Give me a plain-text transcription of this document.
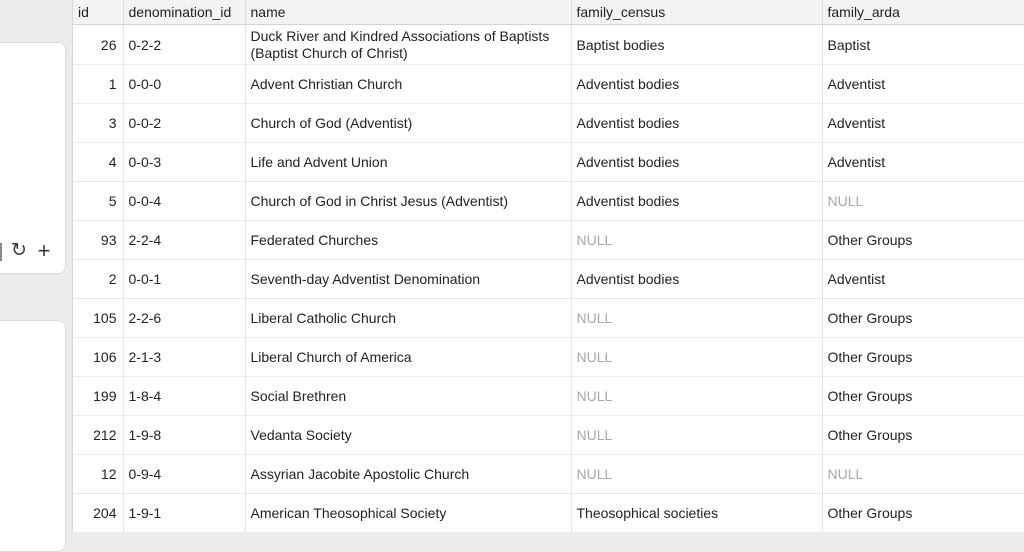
↻ +
id	denomination_id	name	family_census	family_arda
26	0-2-2	Duck River and Kindred Associations of Baptists (Baptist Church of Christ)	Baptist bodies	Baptist
1	0-0-0	Advent Christian Church	Adventist bodies	Adventist
3	0-0-2	Church of God (Adventist)	Adventist bodies	Adventist
4	0-0-3	Life and Advent Union	Adventist bodies	Adventist
5	0-0-4	Church of God in Christ Jesus (Adventist)	Adventist bodies	NULL
93	2-2-4	Federated Churches	NULL	Other Groups
2	0-0-1	Seventh-day Adventist Denomination	Adventist bodies	Adventist
105	2-2-6	Liberal Catholic Church	NULL	Other Groups
106	2-1-3	Liberal Church of America	NULL	Other Groups
199	1-8-4	Social Brethren	NULL	Other Groups
212	1-9-8	Vedanta Society	NULL	Other Groups
12	0-9-4	Assyrian Jacobite Apostolic Church	NULL	NULL
204	1-9-1	American Theosophical Society	Theosophical societies	Other Groups
